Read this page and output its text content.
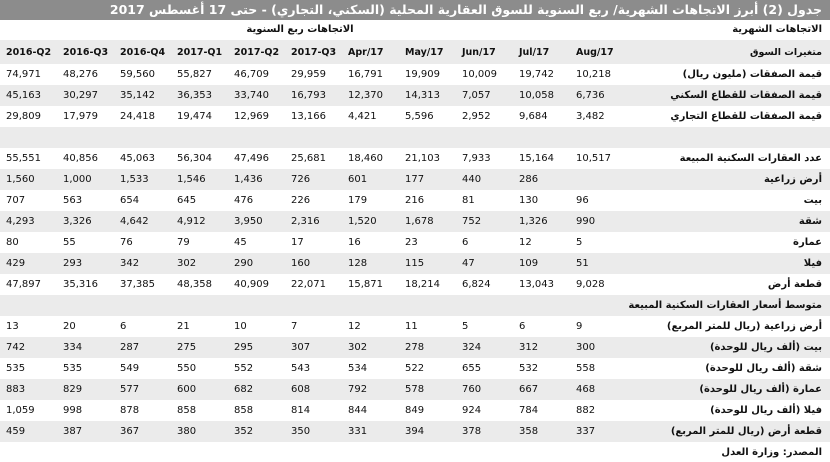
جدول (2) أبرز الاتجاهات الشهرية/ ربع السنوية للسوق العقارية المحلية (السكني، التجاري) - حتى 17 أغسطس 2017
الاتجاهات الشهرية
الاتجاهات ربع السنوية
2016-Q2	2016-Q3	2016-Q4	2017-Q1	2017-Q2	2017-Q3	Apr/17	May/17	Jun/17	Jul/17	Aug/17	متغيرات السوق
74,971	48,276	59,560	55,827	46,709	29,959	16,791	19,909	10,009	19,742	10,218	قيمة الصفقات (مليون ريال)
45,163	30,297	35,142	36,353	33,740	16,793	12,370	14,313	7,057	10,058	6,736	قيمة الصفقات للقطاع السكني
29,809	17,979	24,418	19,474	12,969	13,166	4,421	5,596	2,952	9,684	3,482	قيمة الصفقات للقطاع التجاري

55,551	40,856	45,063	56,304	47,496	25,681	18,460	21,103	7,933	15,164	10,517	عدد العقارات السكنية المبيعة
1,560	1,000	1,533	1,546	1,436	726	601	177	440	286		أرض زراعية
707	563	654	645	476	226	179	216	81	130	96	بيت
4,293	3,326	4,642	4,912	3,950	2,316	1,520	1,678	752	1,326	990	شقة
80	55	76	79	45	17	16	23	6	12	5	عمارة
429	293	342	302	290	160	128	115	47	109	51	فيلا
47,897	35,316	37,385	48,358	40,909	22,071	15,871	18,214	6,824	13,043	9,028	قطعة أرض
											متوسط أسعار العقارات السكنية المبيعة
13	20	6	21	10	7	12	11	5	6	9	أرض زراعية (ريال للمتر المربع)
742	334	287	275	295	307	302	278	324	312	300	بيت (ألف ريال للوحدة)
535	535	549	550	552	543	534	522	655	532	558	شقة (ألف ريال للوحدة)
883	829	577	600	682	608	792	578	760	667	468	عمارة (ألف ريال للوحدة)
1,059	998	878	858	858	814	844	849	924	784	882	فيلا (ألف ريال للوحدة)
459	387	367	380	352	350	331	394	378	358	337	قطعة أرض (ريال للمتر المربع)
المصدر: وزارة العدل
